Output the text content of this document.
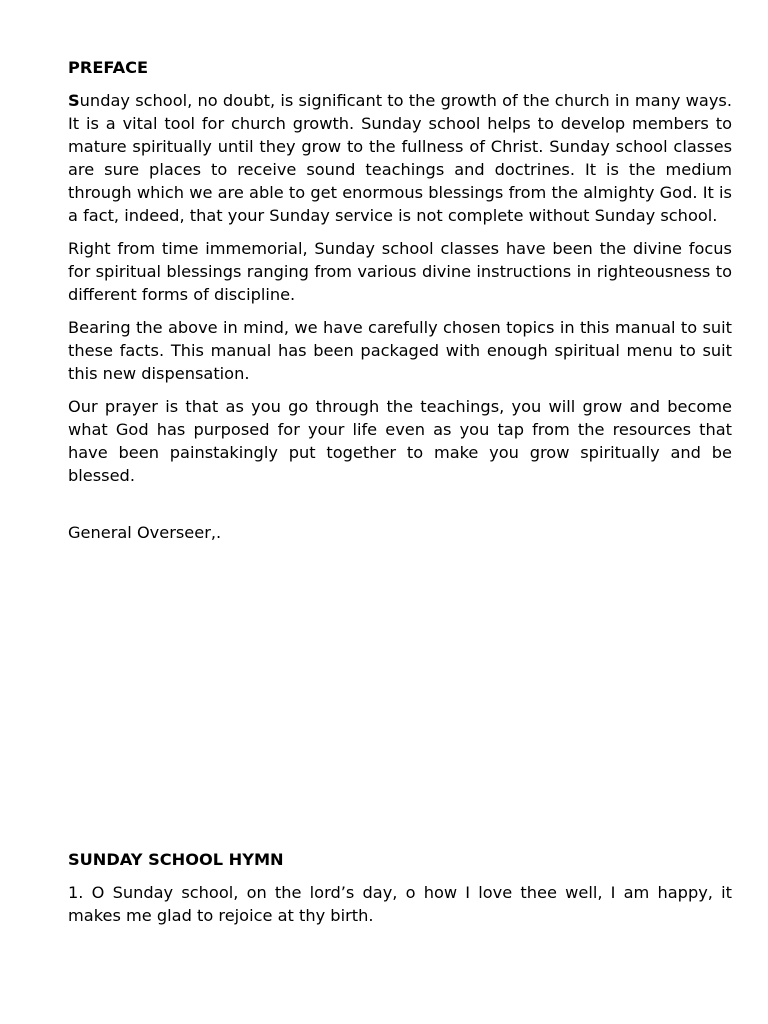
PREFACE

Sunday school, no doubt, is significant to the growth of the church in many ways. It is a vital tool for church growth. Sunday school helps to develop members to mature spiritually until they grow to the fullness of Christ. Sunday school classes are sure places to receive sound teachings and doctrines. It is the medium through which we are able to get enormous blessings from the almighty God. It is a fact, indeed, that your Sunday service is not complete without Sunday school.

Right from time immemorial, Sunday school classes have been the divine focus for spiritual blessings ranging from various divine instructions in righteousness to different forms of discipline.

Bearing the above in mind, we have carefully chosen topics in this manual to suit these facts. This manual has been packaged with enough spiritual menu to suit this new dispensation.

Our prayer is that as you go through the teachings, you will grow and become what God has purposed for your life even as you tap from the resources that have been painstakingly put together to make you grow spiritually and be blessed.

General Overseer,.

SUNDAY SCHOOL HYMN

1. O Sunday school, on the lord’s day, o how I love thee well, I am happy, it makes me glad to rejoice at thy birth.
